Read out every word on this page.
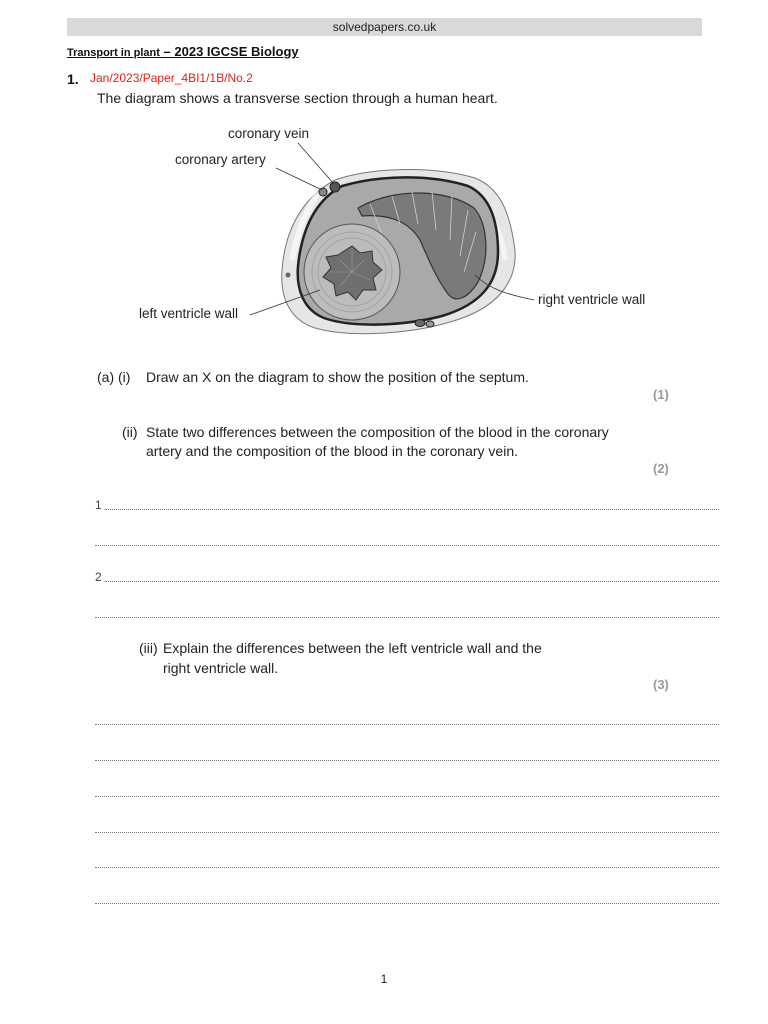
solvedpapers.co.uk
Transport in plant – 2023 IGCSE Biology
1. Jan/2023/Paper_4BI1/1B/No.2
The diagram shows a transverse section through a human heart.
coronary vein
coronary artery
left ventricle wall
right ventricle wall
(a) (i) Draw an X on the diagram to show the position of the septum.
(1)
(ii) State two differences between the composition of the blood in the coronary
artery and the composition of the blood in the coronary vein.
(2)
1
2
(iii) Explain the differences between the left ventricle wall and the
right ventricle wall.
(3)
1
